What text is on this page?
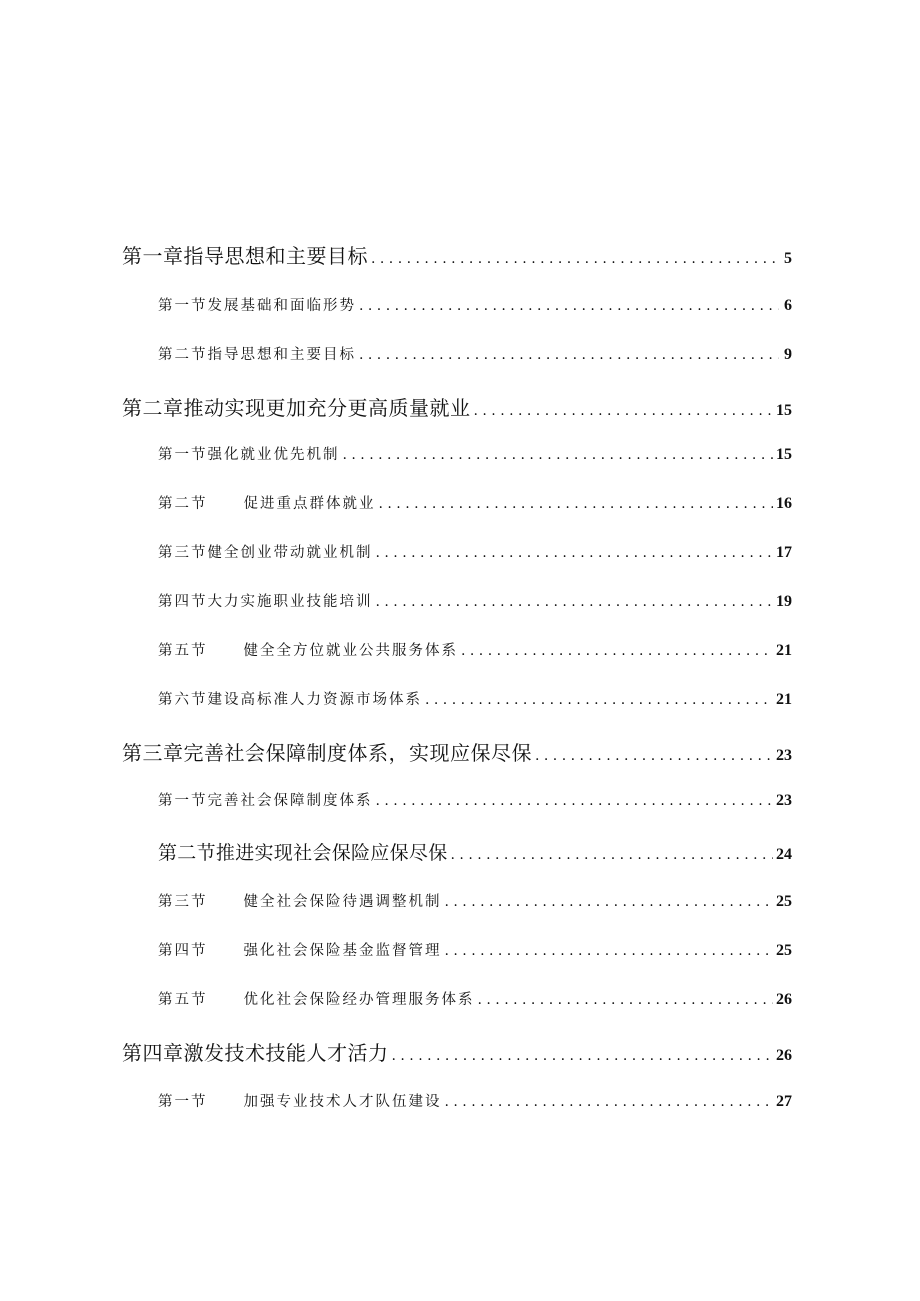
第一章指导思想和主要目标 . . .	5
第一节 发展基础和面临形势 . . .	6
第二节 指导思想和主要目标 . . .	9
第二章推动实现更加充分更高质量就业 . . .	15
第一节 强化就业优先机制 . . .	15
第二节 促进重点群体就业 . . .	16
第三节 健全创业带动就业机制 . . .	17
第四节 大力实施职业技能培训 . . .	19
第五节 健全全方位就业公共服务体系 . . .	21
第六节 建设高标准人力资源市场体系 . . .	21
第三章完善社会保障制度体系，实现应保尽保 . . .	23
第一节 完善社会保障制度体系 . . .	23
第二节 推进实现社会保险应保尽保 . . .	24
第三节 健全社会保险待遇调整机制 . . .	25
第四节 强化社会保险基金监督管理 . . .	25
第五节 优化社会保险经办管理服务体系 . . .	26
第四章激发技术技能人才活力 . . .	26
第一节 加强专业技术人才队伍建设 . . .	27
